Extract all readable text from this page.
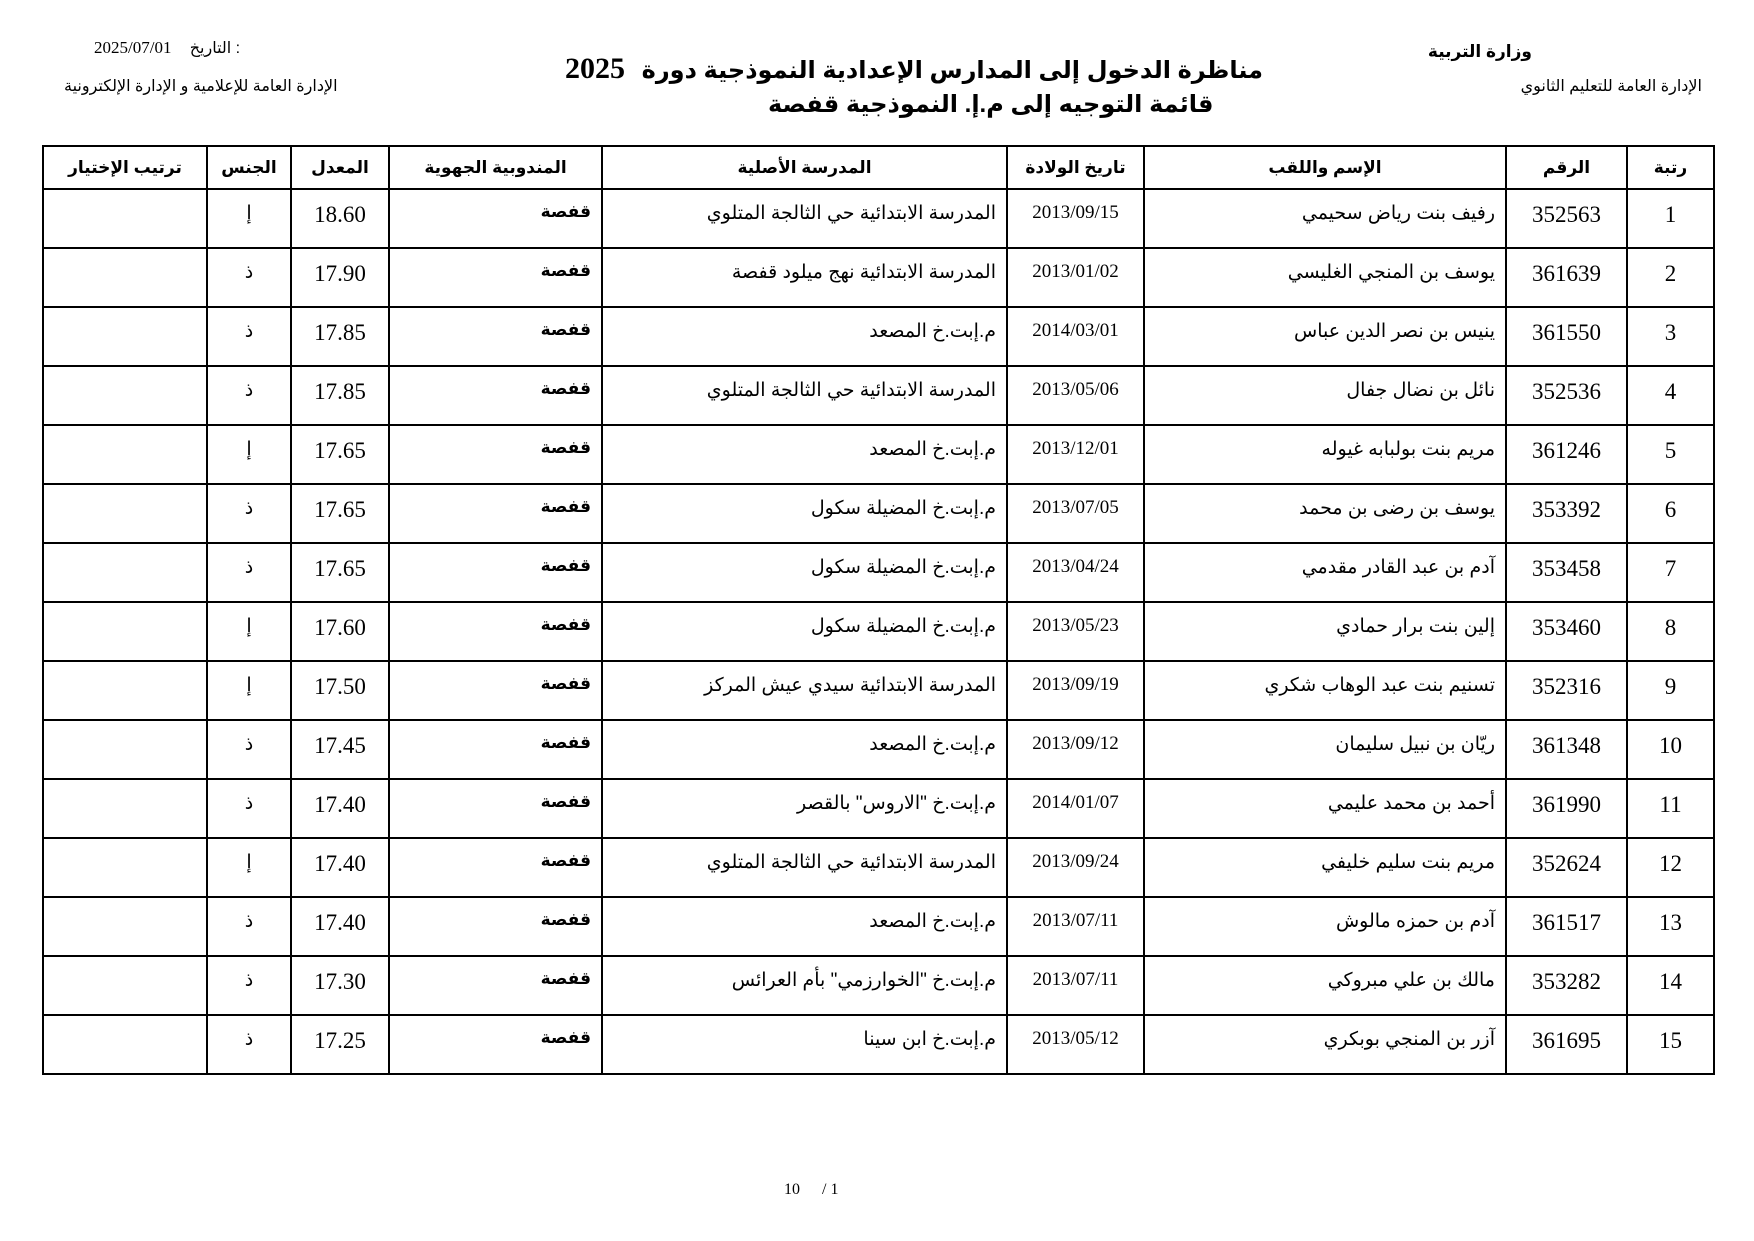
وزارة التربية
الإدارة العامة للتعليم الثانوي
2025/07/01 التاريخ :
الإدارة العامة للإعلامية و الإدارة الإلكترونية
مناظرة الدخول إلى المدارس الإعدادية النموذجية دورة 2025
قائمة التوجيه إلى م.إ. النموذجية قفصة
رتبة	الرقم	الإسم واللقب	تاريخ الولادة	المدرسة الأصلية	المندوبية الجهوية	المعدل	الجنس	ترتيب الإختيار
1	352563	رفيف بنت رياض سحيمي	2013/09/15	المدرسة الابتدائية حي الثالجة المتلوي	قفصة	18.60	إ	
2	361639	يوسف بن المنجي الغليسي	2013/01/02	المدرسة الابتدائية نهج ميلود قفصة	قفصة	17.90	ذ	
3	361550	ينيس بن نصر الدين عباس	2014/03/01	م.إبت.خ المصعد	قفصة	17.85	ذ	
4	352536	نائل بن نضال جفال	2013/05/06	المدرسة الابتدائية حي الثالجة المتلوي	قفصة	17.85	ذ	
5	361246	مريم بنت بولبابه غيوله	2013/12/01	م.إبت.خ المصعد	قفصة	17.65	إ	
6	353392	يوسف بن رضى بن محمد	2013/07/05	م.إبت.خ المضيلة سكول	قفصة	17.65	ذ	
7	353458	آدم بن عبد القادر مقدمي	2013/04/24	م.إبت.خ المضيلة سكول	قفصة	17.65	ذ	
8	353460	إلين بنت برار حمادي	2013/05/23	م.إبت.خ المضيلة سكول	قفصة	17.60	إ	
9	352316	تسنيم بنت عبد الوهاب شكري	2013/09/19	المدرسة الابتدائية سيدي عيش المركز	قفصة	17.50	إ	
10	361348	ريّان بن نبيل سليمان	2013/09/12	م.إبت.خ المصعد	قفصة	17.45	ذ	
11	361990	أحمد بن محمد عليمي	2014/01/07	م.إبت.خ "الاروس" بالقصر	قفصة	17.40	ذ	
12	352624	مريم بنت سليم خليفي	2013/09/24	المدرسة الابتدائية حي الثالجة المتلوي	قفصة	17.40	إ	
13	361517	آدم بن حمزه مالوش	2013/07/11	م.إبت.خ المصعد	قفصة	17.40	ذ	
14	353282	مالك بن علي مبروكي	2013/07/11	م.إبت.خ "الخوارزمي" بأم العرائس	قفصة	17.30	ذ	
15	361695	آزر بن المنجي بوبكري	2013/05/12	م.إبت.خ ابن سينا	قفصة	17.25	ذ	
10 / 1
